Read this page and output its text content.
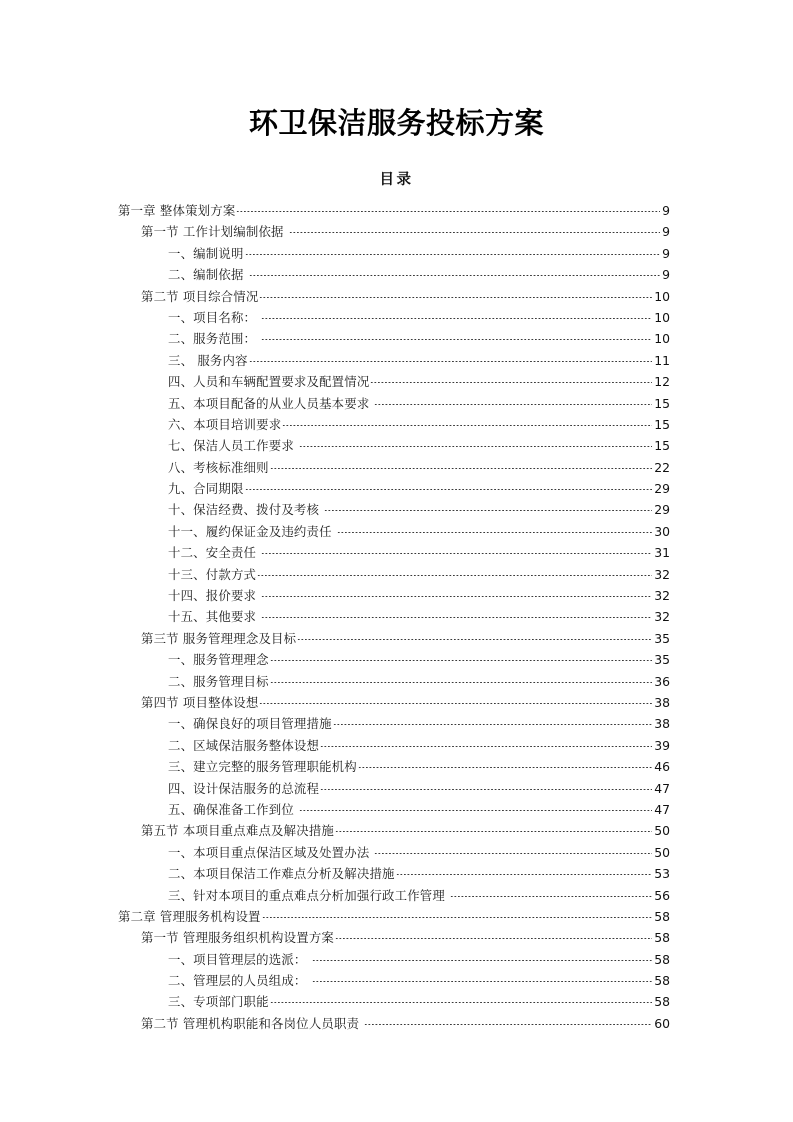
环卫保洁服务投标方案
目录
第一章 整体策划方案	9
第一节 工作计划编制依据	9
一、编制说明	9
二、编制依据	9
第二节 项目综合情况	10
一、项目名称：	10
二、服务范围：	10
三、 服务内容	11
四、人员和车辆配置要求及配置情况	12
五、本项目配备的从业人员基本要求	15
六、本项目培训要求	15
七、保洁人员工作要求	15
八、考核标准细则	22
九、合同期限	29
十、保洁经费、拨付及考核	29
十一、履约保证金及违约责任	30
十二、安全责任	31
十三、付款方式	32
十四、报价要求	32
十五、其他要求	32
第三节 服务管理理念及目标	35
一、服务管理理念	35
二、服务管理目标	36
第四节 项目整体设想	38
一、确保良好的项目管理措施	38
二、区域保洁服务整体设想	39
三、建立完整的服务管理职能机构	46
四、设计保洁服务的总流程	47
五、确保准备工作到位	47
第五节 本项目重点难点及解决措施	50
一、本项目重点保洁区域及处置办法	50
二、本项目保洁工作难点分析及解决措施	53
三、针对本项目的重点难点分析加强行政工作管理	56
第二章 管理服务机构设置	58
第一节 管理服务组织机构设置方案	58
一、项目管理层的选派：	58
二、管理层的人员组成：	58
三、专项部门职能	58
第二节 管理机构职能和各岗位人员职责	60
